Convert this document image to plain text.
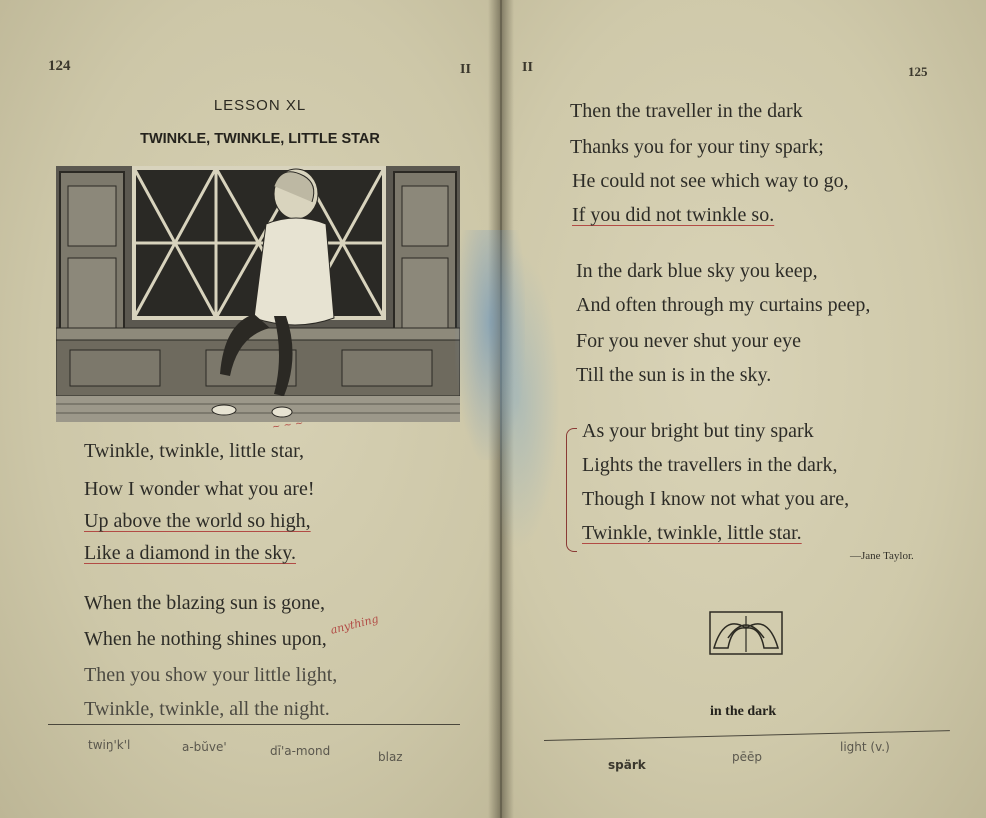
124	II
LESSON XL
TWINKLE, TWINKLE, LITTLE STAR
~ ~ ~
Twinkle, twinkle, little star,
How I wonder what you are!
Up above the world so high,
Like a diamond in the sky.
When the blazing sun is gone,
anything
When he nothing shines upon,
Then you show your little light,
Twinkle, twinkle, all the night.
twiŋ'k'l	a-bŭve'	dī'a-mond	blaz
II	125
Then the traveller in the dark
Thanks you for your tiny spark;
He could not see which way to go,
If you did not twinkle so.
In the dark blue sky you keep,
And often through my curtains peep,
For you never shut your eye
Till the sun is in the sky.
As your bright but tiny spark
Lights the travellers in the dark,
Though I know not what you are,
Twinkle, twinkle, little star.
—Jane Taylor.
in the dark
spärk
pēēp
light (v.)
